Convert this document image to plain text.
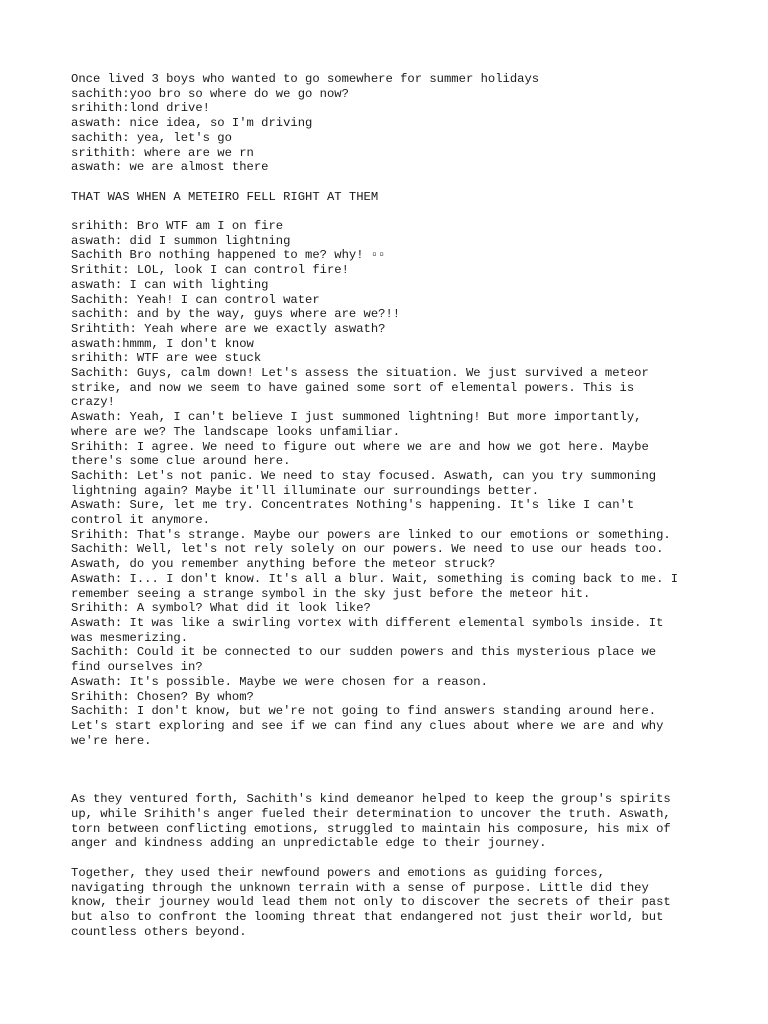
Once lived 3 boys who wanted to go somewhere for summer holidays
sachith:yoo bro so where do we go now?
srihith:lond drive!
aswath: nice idea, so I'm driving
sachith: yea, let's go
srithith: where are we rn
aswath: we are almost there
THAT WAS WHEN A METEIRO FELL RIGHT AT THEM
srihith: Bro WTF am I on fire
aswath: did I summon lightning
Sachith Bro nothing happened to me? why! ▫▫
Srithit: LOL, look I can control fire!
aswath: I can with lighting
Sachith: Yeah! I can control water
sachith: and by the way, guys where are we?!!
Srihtith: Yeah where are we exactly aswath?
aswath:hmmm, I don't know
srihith: WTF are wee stuck
Sachith: Guys, calm down! Let's assess the situation. We just survived a meteor
strike, and now we seem to have gained some sort of elemental powers. This is
crazy!
Aswath: Yeah, I can't believe I just summoned lightning! But more importantly,
where are we? The landscape looks unfamiliar.
Srihith: I agree. We need to figure out where we are and how we got here. Maybe
there's some clue around here.
Sachith: Let's not panic. We need to stay focused. Aswath, can you try summoning
lightning again? Maybe it'll illuminate our surroundings better.
Aswath: Sure, let me try. Concentrates Nothing's happening. It's like I can't
control it anymore.
Srihith: That's strange. Maybe our powers are linked to our emotions or something.
Sachith: Well, let's not rely solely on our powers. We need to use our heads too.
Aswath, do you remember anything before the meteor struck?
Aswath: I... I don't know. It's all a blur. Wait, something is coming back to me. I
remember seeing a strange symbol in the sky just before the meteor hit.
Srihith: A symbol? What did it look like?
Aswath: It was like a swirling vortex with different elemental symbols inside. It
was mesmerizing.
Sachith: Could it be connected to our sudden powers and this mysterious place we
find ourselves in?
Aswath: It's possible. Maybe we were chosen for a reason.
Srihith: Chosen? By whom?
Sachith: I don't know, but we're not going to find answers standing around here.
Let's start exploring and see if we can find any clues about where we are and why
we're here.
As they ventured forth, Sachith's kind demeanor helped to keep the group's spirits
up, while Srihith's anger fueled their determination to uncover the truth. Aswath,
torn between conflicting emotions, struggled to maintain his composure, his mix of
anger and kindness adding an unpredictable edge to their journey.
Together, they used their newfound powers and emotions as guiding forces,
navigating through the unknown terrain with a sense of purpose. Little did they
know, their journey would lead them not only to discover the secrets of their past
but also to confront the looming threat that endangered not just their world, but
countless others beyond.
